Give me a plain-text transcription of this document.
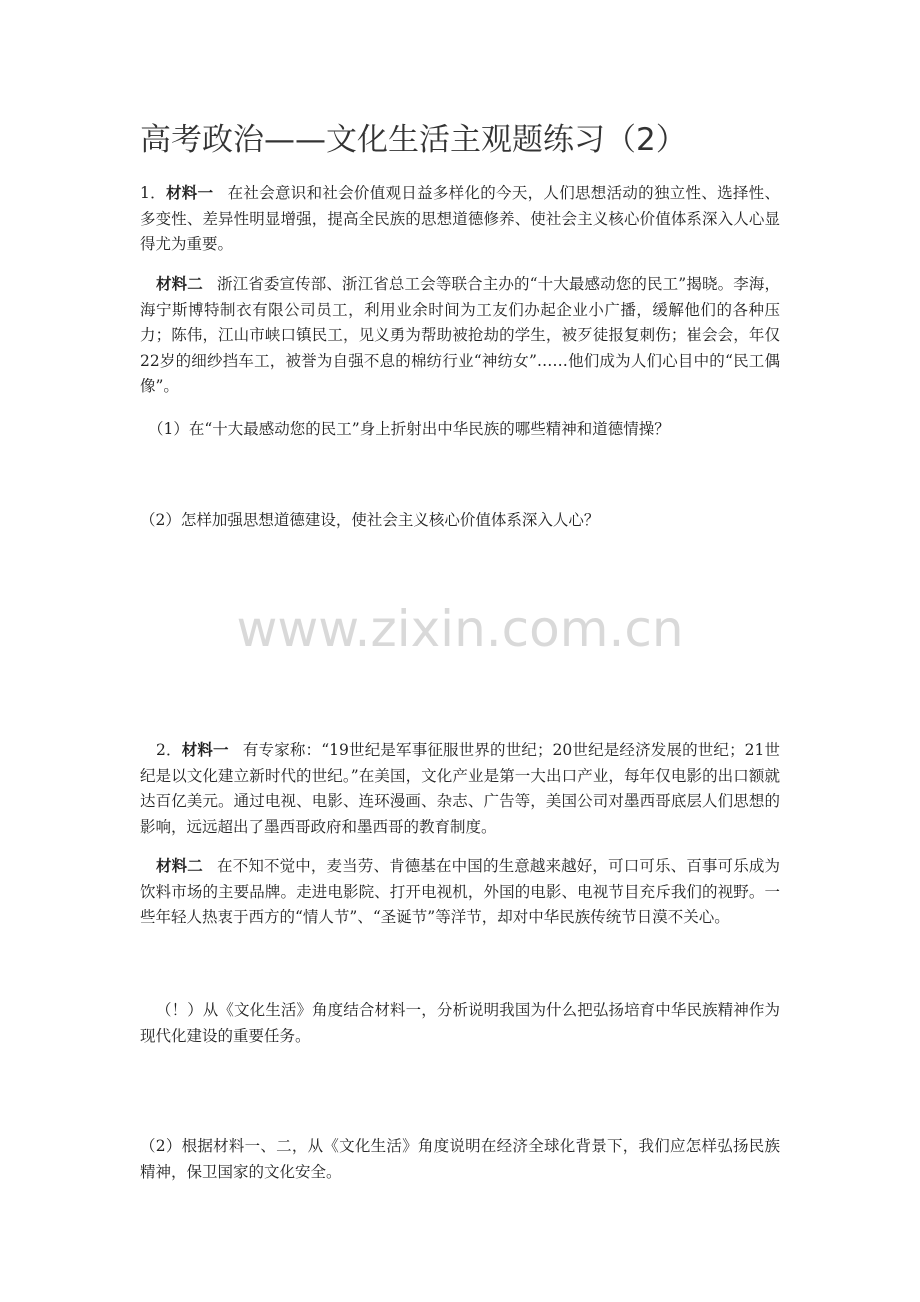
高考政治——文化生活主观题练习（2）
1．材料一 在社会意识和社会价值观日益多样化的今天，人们思想活动的独立性、选择性、多变性、差异性明显增强，提高全民族的思想道德修养、使社会主义核心价值体系深入人心显得尤为重要。
材料二 浙江省委宣传部、浙江省总工会等联合主办的“十大最感动您的民工”揭晓。李海，海宁斯博特制衣有限公司员工，利用业余时间为工友们办起企业小广播，缓解他们的各种压力；陈伟，江山市峡口镇民工，见义勇为帮助被抢劫的学生，被歹徒报复刺伤；崔会会，年仅22岁的细纱挡车工，被誉为自强不息的棉纺行业“神纺女”……他们成为人们心目中的“民工偶像”。
（1）在“十大最感动您的民工”身上折射出中华民族的哪些精神和道德情操？
（2）怎样加强思想道德建设，使社会主义核心价值体系深入人心？
www.zixin.com.cn
2．材料一 有专家称：“19世纪是军事征服世界的世纪；20世纪是经济发展的世纪；21世纪是以文化建立新时代的世纪。”在美国，文化产业是第一大出口产业，每年仅电影的出口额就达百亿美元。通过电视、电影、连环漫画、杂志、广告等，美国公司对墨西哥底层人们思想的影响，远远超出了墨西哥政府和墨西哥的教育制度。
材料二 在不知不觉中，麦当劳、肯德基在中国的生意越来越好，可口可乐、百事可乐成为饮料市场的主要品牌。走进电影院、打开电视机，外国的电影、电视节目充斥我们的视野。一些年轻人热衷于西方的“情人节”、“圣诞节”等洋节，却对中华民族传统节日漠不关心。
（！）从《文化生活》角度结合材料一，分析说明我国为什么把弘扬培育中华民族精神作为现代化建设的重要任务。
（2）根据材料一、二，从《文化生活》角度说明在经济全球化背景下，我们应怎样弘扬民族精神，保卫国家的文化安全。
